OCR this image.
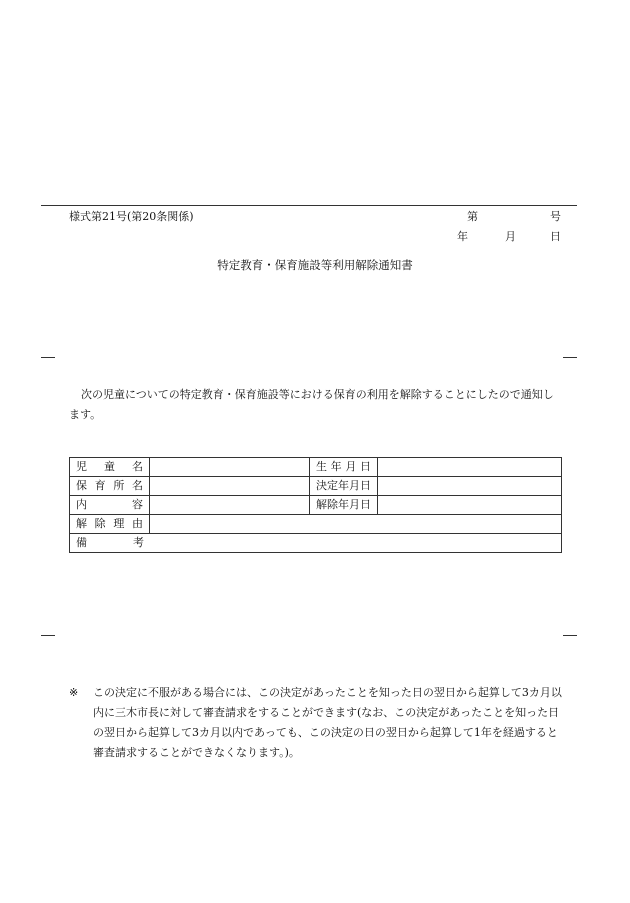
様式第21号(第20条関係)	第	号
年	月	日
特定教育・保育施設等利用解除通知書
次の児童についての特定教育・保育施設等における保育の利用を解除することにしたので通知します。
児童名		生年月日	
保育所名		決定年月日	
内容		解除年月日	
解除理由			

備考			
※ この決定に不服がある場合には、この決定があったことを知った日の翌日から起算して3カ月以内に三木市長に対して審査請求をすることができます(なお、この決定があったことを知った日の翌日から起算して3カ月以内であっても、この決定の日の翌日から起算して1年を経過すると審査請求することができなくなります。)。
